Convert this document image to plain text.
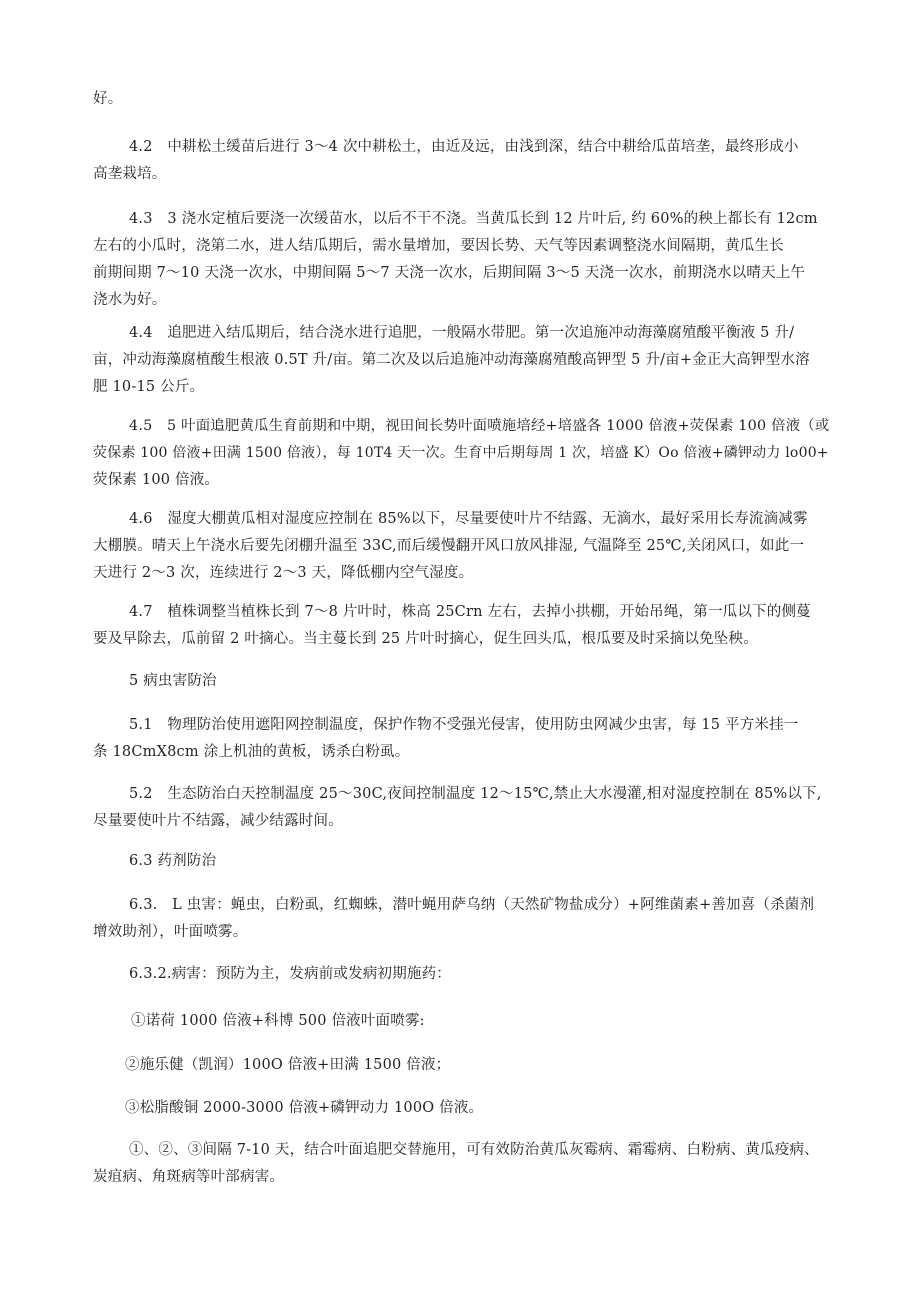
好。

4.2　中耕松土缓苗后进行 3～4 次中耕松土，由近及远，由浅到深，结合中耕给瓜苗培垄，最终形成小
高垄栽培。

4.3　3 浇水定植后要浇一次缓苗水，以后不干不浇。当黄瓜长到 12 片叶后, 约 60%的秧上都长有 12cm
左右的小瓜时，浇第二水，进人结瓜期后，需水量增加，要因长势、天气等因素调整浇水间隔期，黄瓜生长
前期间期 7～10 天浇一次水，中期间隔 5～7 天浇一次水，后期间隔 3～5 天浇一次水，前期浇水以晴天上午
浇水为好。

4.4　追肥进入结瓜期后，结合浇水进行追肥，一般隔水带肥。第一次追施冲动海藻腐殖酸平衡液 5 升/
亩，冲动海藻腐植酸生根液 0.5T 升/亩。第二次及以后追施冲动海藻腐殖酸高钾型 5 升/亩+金正大高钾型水溶
肥 10-15 公斤。

4.5　5 叶面追肥黄瓜生育前期和中期，视田间长势叶面喷施培经+培盛各 1000 倍液+荧保素 100 倍液（或
荧保素 100 倍液+田满 1500 倍液），每 10T4 天一次。生育中后期每周 1 次，培盛 K）Oo 倍液+磷钾动力 lo00+
荧保素 100 倍液。

4.6　湿度大棚黄瓜相对湿度应控制在 85%以下，尽量要使叶片不结露、无滴水，最好采用长寿流滴减雾
大棚膜。晴天上午浇水后要先闭棚升温至 33C,而后缓慢翻开风口放风排湿, 气温降至 25℃,关闭风口，如此一
天进行 2～3 次，连续进行 2～3 天，降低棚内空气湿度。

4.7　植株调整当植株长到 7～8 片叶时，株高 25Crn 左右，去掉小拱棚，开始吊绳，第一瓜以下的侧蔓
要及早除去，瓜前留 2 叶摘心。当主蔓长到 25 片叶时摘心，促生回头瓜，根瓜要及时采摘以免坠秧。

5 病虫害防治

5.1　物理防治使用遮阳网控制温度，保护作物不受强光侵害，使用防虫网减少虫害，每 15 平方米挂一
条 18CmX8cm 涂上机油的黄板，诱杀白粉虱。

5.2　生态防治白天控制温度 25～30C,夜间控制温度 12～15℃,禁止大水漫灌,相对湿度控制在 85%以下,
尽量要使叶片不结露，减少结露时间。

6.3 药剂防治

6.3.　L 虫害：蝇虫，白粉虱，红蜘蛛，潜叶蝇用萨乌纳（天然矿物盐成分）+阿维菌素+善加喜（杀菌剂
增效助剂），叶面喷雾。

6.3.2.病害：预防为主，发病前或发病初期施药：

①诺荷 1000 倍液+科博 500 倍液叶面喷雾:

②施乐健（凯润）100O 倍液+田满 1500 倍液；

③松脂酸铜 2000-3000 倍液+磷钾动力 100O 倍液。

①、②、③间隔 7-10 天，结合叶面追肥交替施用，可有效防治黄瓜灰霉病、霜霉病、白粉病、黄瓜疫病、
炭疽病、角斑病等叶部病害。
